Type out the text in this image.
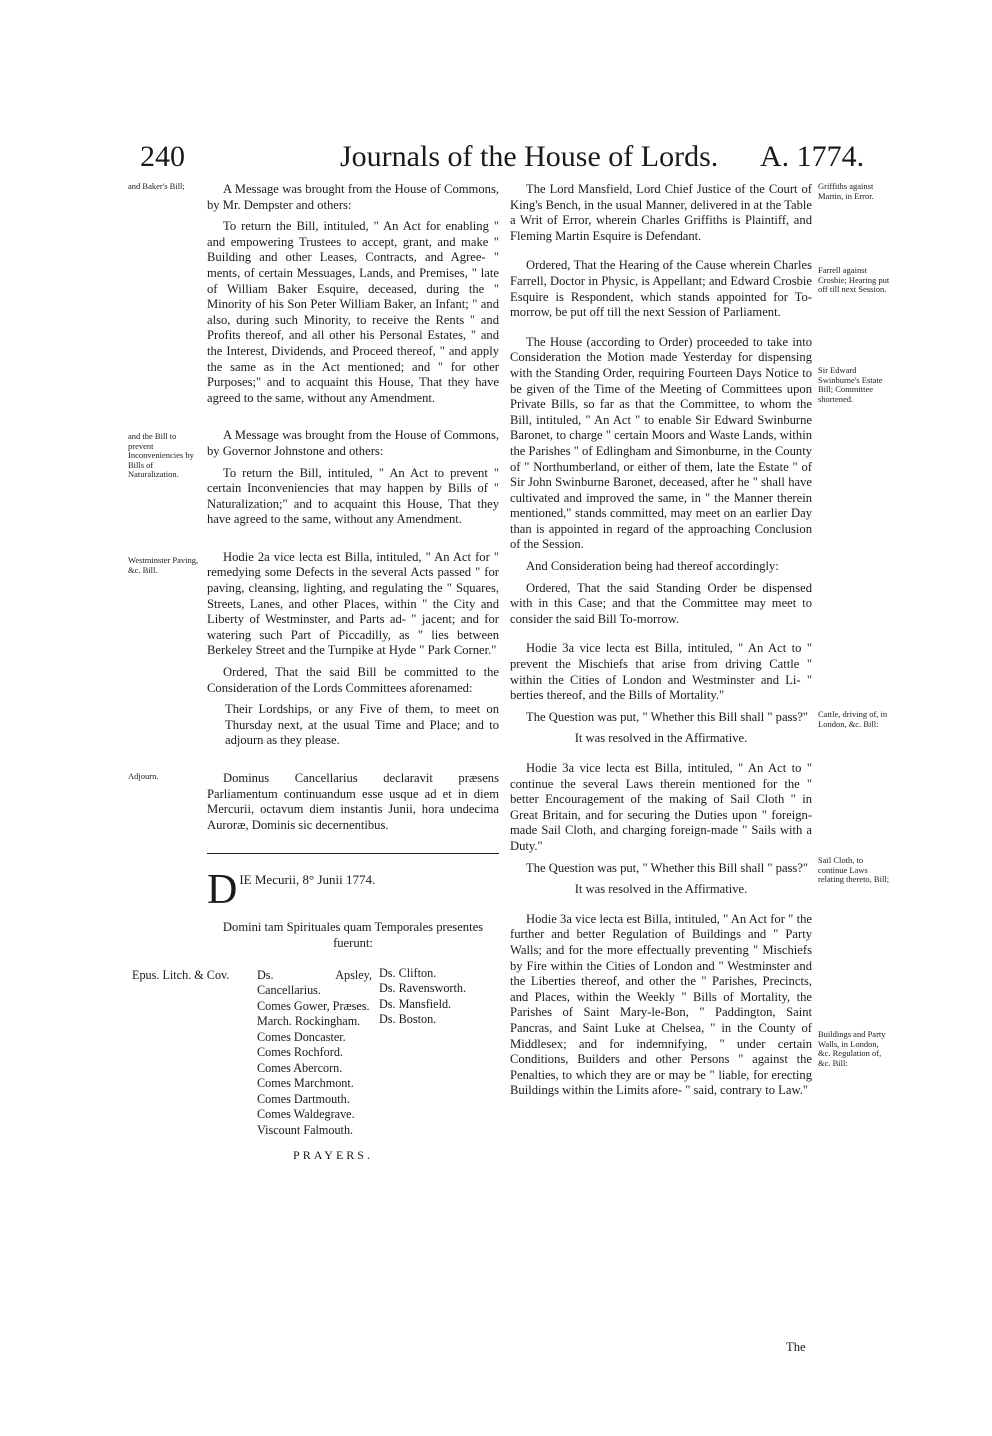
240	Journals of the House of Lords. A. 1774.
and Baker's Bill;
and the Bill to prevent Inconveniencies by Bills of Naturalization.
Westminster Paving, &c. Bill.
Adjourn.
Griffiths against Martin, in Error.
Farrell against Crosbie; Hearing put off till next Session.
Sir Edward Swinburne's Estate Bill; Committee shortened.
Cattle, driving of, in London, &c. Bill:
Sail Cloth, to continue Laws relating thereto, Bill;
Buildings and Party Walls, in London, &c. Regulation of, &c. Bill:

A Message was brought from the House of Commons, by Mr. Dempster and others:

To return the Bill, intituled, " An Act for enabling " and empowering Trustees to accept, grant, and make " Building and other Leases, Contracts, and Agree- " ments, of certain Messuages, Lands, and Premises, " late of William Baker Esquire, deceased, during the " Minority of his Son Peter William Baker, an Infant; " and also, during such Minority, to receive the Rents " and Profits thereof, and all other his Personal Estates, " and the Interest, Dividends, and Proceed thereof, " and apply the same as in the Act mentioned; and " for other Purposes;" and to acquaint this House, That they have agreed to the same, without any Amendment.

A Message was brought from the House of Commons, by Governor Johnstone and others:

To return the Bill, intituled, " An Act to prevent " certain Inconveniencies that may happen by Bills of " Naturalization;" and to acquaint this House, That they have agreed to the same, without any Amendment.

Hodie 2a vice lecta est Billa, intituled, " An Act for " remedying some Defects in the several Acts passed " for paving, cleansing, lighting, and regulating the " Squares, Streets, Lanes, and other Places, within " the City and Liberty of Westminster, and Parts ad- " jacent; and for watering such Part of Piccadilly, as " lies between Berkeley Street and the Turnpike at Hyde " Park Corner."

Ordered, That the said Bill be committed to the Consideration of the Lords Committees aforenamed:

Their Lordships, or any Five of them, to meet on Thursday next, at the usual Time and Place; and to adjourn as they please.

Dominus Cancellarius declaravit præsens Parliamentum continuandum esse usque ad et in diem Mercurii, octavum diem instantis Junii, hora undecima Auroræ, Dominis sic decernentibus.

D IE Mecurii, 8° Junii 1774.

Domini tam Spirituales quam Temporales presentes fuerunt:

Epus. Litch. & Cov. Ds. Apsley, Cancellarius.
Comes Gower, Præses.
March. Rockingham.
Comes Doncaster.
Comes Rochford.
Comes Abercorn.
Comes Marchmont.
Comes Dartmouth.
Comes Waldegrave.
Viscount Falmouth.
Ds. Clifton.
Ds. Ravensworth.
Ds. Mansfield.
Ds. Boston.
PRAYERS.

The Lord Mansfield, Lord Chief Justice of the Court of King's Bench, in the usual Manner, delivered in at the Table a Writ of Error, wherein Charles Griffiths is Plaintiff, and Fleming Martin Esquire is Defendant.

Ordered, That the Hearing of the Cause wherein Charles Farrell, Doctor in Physic, is Appellant; and Edward Crosbie Esquire is Respondent, which stands appointed for To-morrow, be put off till the next Session of Parliament.

The House (according to Order) proceeded to take into Consideration the Motion made Yesterday for dispensing with the Standing Order, requiring Fourteen Days Notice to be given of the Time of the Meeting of Committees upon Private Bills, so far as that the Committee, to whom the Bill, intituled, " An Act " to enable Sir Edward Swinburne Baronet, to charge " certain Moors and Waste Lands, within the Parishes " of Edlingham and Simonburne, in the County of " Northumberland, or either of them, late the Estate " of Sir John Swinburne Baronet, deceased, after he " shall have cultivated and improved the same, in " the Manner therein mentioned," stands committed, may meet on an earlier Day than is appointed in regard of the approaching Conclusion of the Session.

And Consideration being had thereof accordingly:

Ordered, That the said Standing Order be dispensed with in this Case; and that the Committee may meet to consider the said Bill To-morrow.

Hodie 3a vice lecta est Billa, intituled, " An Act to " prevent the Mischiefs that arise from driving Cattle " within the Cities of London and Westminster and Li- " berties thereof, and the Bills of Mortality."

The Question was put, " Whether this Bill shall " pass?"

It was resolved in the Affirmative.

Hodie 3a vice lecta est Billa, intituled, " An Act to " continue the several Laws therein mentioned for the " better Encouragement of the making of Sail Cloth " in Great Britain, and for securing the Duties upon " foreign-made Sail Cloth, and charging foreign-made " Sails with a Duty."

The Question was put, " Whether this Bill shall " pass?"

It was resolved in the Affirmative.

Hodie 3a vice lecta est Billa, intituled, " An Act for " the further and better Regulation of Buildings and " Party Walls; and for the more effectually preventing " Mischiefs by Fire within the Cities of London and " Westminster and the Liberties thereof, and other the " Parishes, Precincts, and Places, within the Weekly " Bills of Mortality, the Parishes of Saint Mary-le-Bon, " Paddington, Saint Pancras, and Saint Luke at Chelsea, " in the County of Middlesex; and for indemnifying, " under certain Conditions, Builders and other Persons " against the Penalties, to which they are or may be " liable, for erecting Buildings within the Limits afore- " said, contrary to Law."

The
